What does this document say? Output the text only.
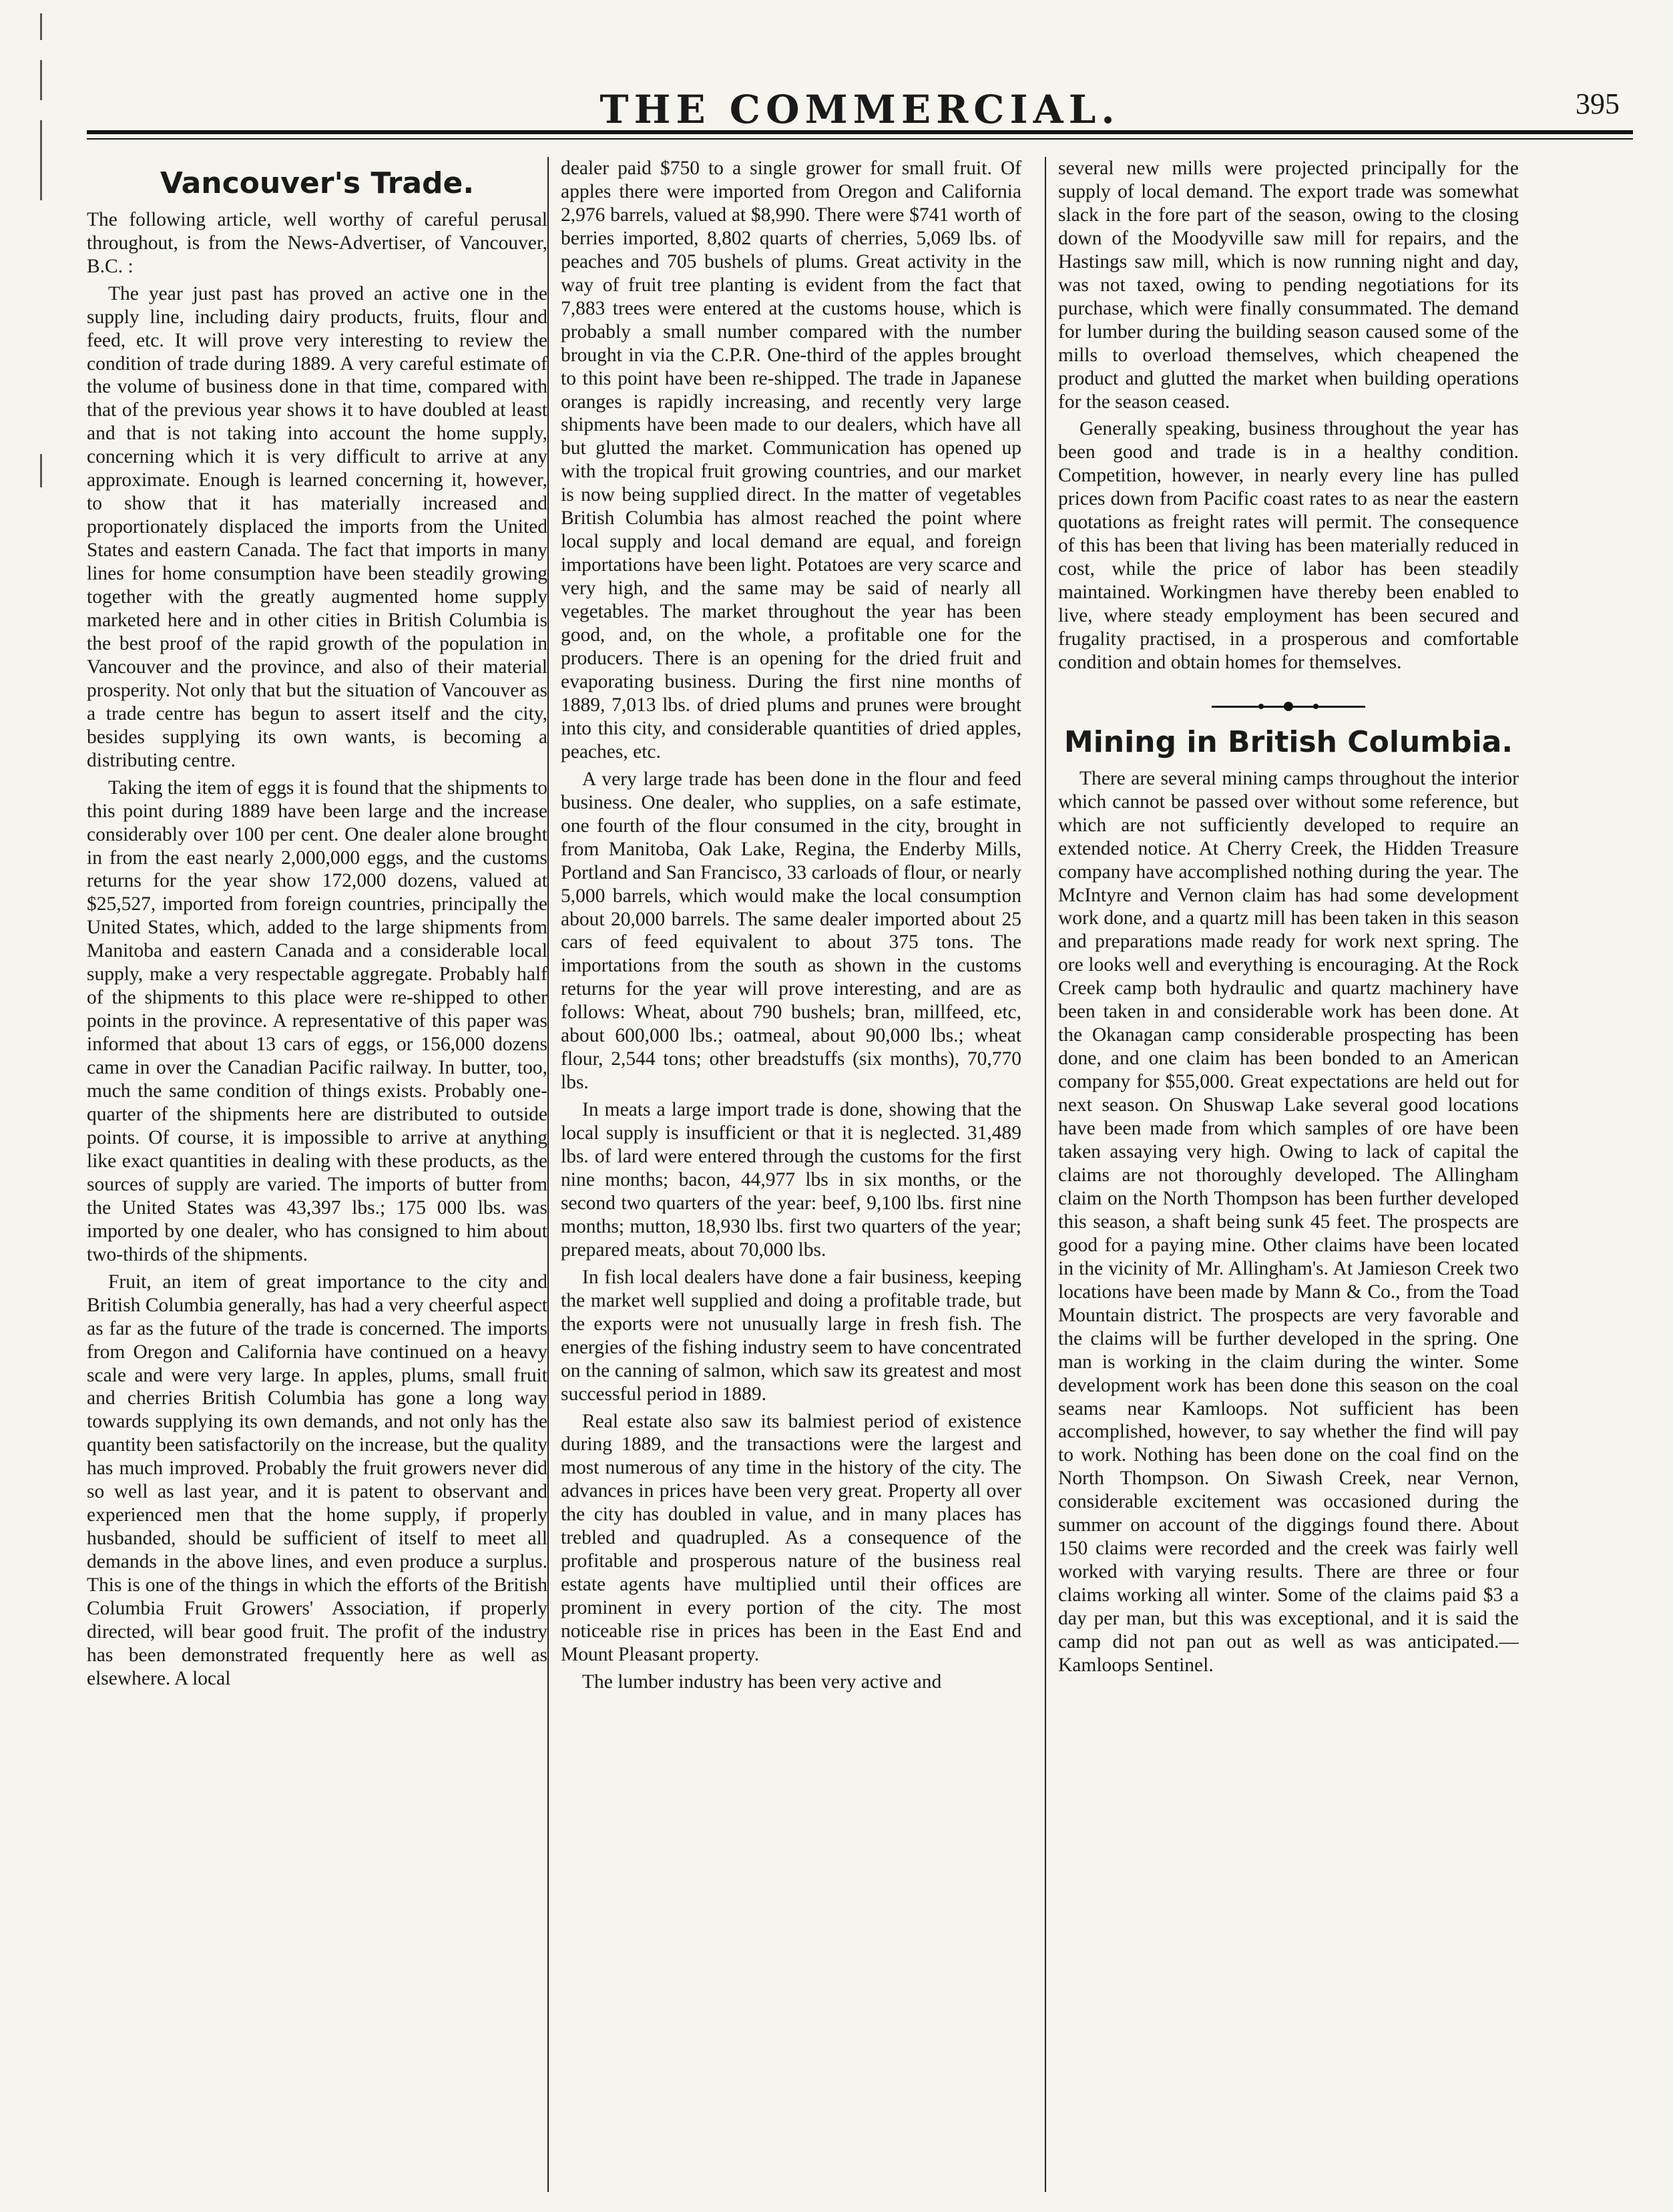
THE COMMERCIAL.	395
Vancouver's Trade.

The following article, well worthy of careful perusal throughout, is from the News-Advertiser, of Vancouver, B.C. :

The year just past has proved an active one in the supply line, including dairy products, fruits, flour and feed, etc. It will prove very interesting to review the condition of trade during 1889. A very careful estimate of the volume of business done in that time, compared with that of the previous year shows it to have doubled at least and that is not taking into account the home supply, concerning which it is very difficult to arrive at any approximate. Enough is learned concerning it, however, to show that it has materially increased and proportionately displaced the imports from the United States and eastern Canada. The fact that imports in many lines for home consumption have been steadily growing together with the greatly augmented home supply marketed here and in other cities in British Columbia is the best proof of the rapid growth of the population in Vancouver and the province, and also of their material prosperity. Not only that but the situation of Vancouver as a trade centre has begun to assert itself and the city, besides supplying its own wants, is becoming a distributing centre.

Taking the item of eggs it is found that the shipments to this point during 1889 have been large and the increase considerably over 100 per cent. One dealer alone brought in from the east nearly 2,000,000 eggs, and the customs returns for the year show 172,000 dozens, valued at $25,527, imported from foreign countries, principally the United States, which, added to the large shipments from Manitoba and eastern Canada and a considerable local supply, make a very respectable aggregate. Probably half of the shipments to this place were re-shipped to other points in the province. A representative of this paper was informed that about 13 cars of eggs, or 156,000 dozens came in over the Canadian Pacific railway. In butter, too, much the same condition of things exists. Probably one-quarter of the shipments here are distributed to outside points. Of course, it is impossible to arrive at anything like exact quantities in dealing with these products, as the sources of supply are varied. The imports of butter from the United States was 43,397 lbs.; 175 000 lbs. was imported by one dealer, who has consigned to him about two-thirds of the shipments.

Fruit, an item of great importance to the city and British Columbia generally, has had a very cheerful aspect as far as the future of the trade is concerned. The imports from Oregon and California have continued on a heavy scale and were very large. In apples, plums, small fruit and cherries British Columbia has gone a long way towards supplying its own demands, and not only has the quantity been satisfactorily on the increase, but the quality has much improved. Probably the fruit growers never did so well as last year, and it is patent to observant and experienced men that the home supply, if properly husbanded, should be sufficient of itself to meet all demands in the above lines, and even produce a surplus. This is one of the things in which the efforts of the British Columbia Fruit Growers' Association, if properly directed, will bear good fruit. The profit of the industry has been demonstrated frequently here as well as elsewhere. A local

dealer paid $750 to a single grower for small fruit. Of apples there were imported from Oregon and California 2,976 barrels, valued at $8,990. There were $741 worth of berries imported, 8,802 quarts of cherries, 5,069 lbs. of peaches and 705 bushels of plums. Great activity in the way of fruit tree planting is evident from the fact that 7,883 trees were entered at the customs house, which is probably a small number compared with the number brought in via the C.P.R. One-third of the apples brought to this point have been re-shipped. The trade in Japanese oranges is rapidly increasing, and recently very large shipments have been made to our dealers, which have all but glutted the market. Communication has opened up with the tropical fruit growing countries, and our market is now being supplied direct. In the matter of vegetables British Columbia has almost reached the point where local supply and local demand are equal, and foreign importations have been light. Potatoes are very scarce and very high, and the same may be said of nearly all vegetables. The market throughout the year has been good, and, on the whole, a profitable one for the producers. There is an opening for the dried fruit and evaporating business. During the first nine months of 1889, 7,013 lbs. of dried plums and prunes were brought into this city, and considerable quantities of dried apples, peaches, etc.

A very large trade has been done in the flour and feed business. One dealer, who supplies, on a safe estimate, one fourth of the flour consumed in the city, brought in from Manitoba, Oak Lake, Regina, the Enderby Mills, Portland and San Francisco, 33 carloads of flour, or nearly 5,000 barrels, which would make the local consumption about 20,000 barrels. The same dealer imported about 25 cars of feed equivalent to about 375 tons. The importations from the south as shown in the customs returns for the year will prove interesting, and are as follows: Wheat, about 790 bushels; bran, millfeed, etc, about 600,000 lbs.; oatmeal, about 90,000 lbs.; wheat flour, 2,544 tons; other breadstuffs (six months), 70,770 lbs.

In meats a large import trade is done, showing that the local supply is insufficient or that it is neglected. 31,489 lbs. of lard were entered through the customs for the first nine months; bacon, 44,977 lbs in six months, or the second two quarters of the year: beef, 9,100 lbs. first nine months; mutton, 18,930 lbs. first two quarters of the year; prepared meats, about 70,000 lbs.

In fish local dealers have done a fair business, keeping the market well supplied and doing a profitable trade, but the exports were not unusually large in fresh fish. The energies of the fishing industry seem to have concentrated on the canning of salmon, which saw its greatest and most successful period in 1889.

Real estate also saw its balmiest period of existence during 1889, and the transactions were the largest and most numerous of any time in the history of the city. The advances in prices have been very great. Property all over the city has doubled in value, and in many places has trebled and quadrupled. As a consequence of the profitable and prosperous nature of the business real estate agents have multiplied until their offices are prominent in every portion of the city. The most noticeable rise in prices has been in the East End and Mount Pleasant property.

The lumber industry has been very active and

several new mills were projected principally for the supply of local demand. The export trade was somewhat slack in the fore part of the season, owing to the closing down of the Moodyville saw mill for repairs, and the Hastings saw mill, which is now running night and day, was not taxed, owing to pending negotiations for its purchase, which were finally consummated. The demand for lumber during the building season caused some of the mills to overload themselves, which cheapened the product and glutted the market when building operations for the season ceased.

Generally speaking, business throughout the year has been good and trade is in a healthy condition. Competition, however, in nearly every line has pulled prices down from Pacific coast rates to as near the eastern quotations as freight rates will permit. The consequence of this has been that living has been materially reduced in cost, while the price of labor has been steadily maintained. Workingmen have thereby been enabled to live, where steady employment has been secured and frugality practised, in a prosperous and comfortable condition and obtain homes for themselves.

Mining in British Columbia.

There are several mining camps throughout the interior which cannot be passed over without some reference, but which are not sufficiently developed to require an extended notice. At Cherry Creek, the Hidden Treasure company have accomplished nothing during the year. The McIntyre and Vernon claim has had some development work done, and a quartz mill has been taken in this season and preparations made ready for work next spring. The ore looks well and everything is encouraging. At the Rock Creek camp both hydraulic and quartz machinery have been taken in and considerable work has been done. At the Okanagan camp considerable prospecting has been done, and one claim has been bonded to an American company for $55,000. Great expectations are held out for next season. On Shuswap Lake several good locations have been made from which samples of ore have been taken assaying very high. Owing to lack of capital the claims are not thoroughly developed. The Allingham claim on the North Thompson has been further developed this season, a shaft being sunk 45 feet. The prospects are good for a paying mine. Other claims have been located in the vicinity of Mr. Allingham's. At Jamieson Creek two locations have been made by Mann & Co., from the Toad Mountain district. The prospects are very favorable and the claims will be further developed in the spring. One man is working in the claim during the winter. Some development work has been done this season on the coal seams near Kamloops. Not sufficient has been accomplished, however, to say whether the find will pay to work. Nothing has been done on the coal find on the North Thompson. On Siwash Creek, near Vernon, considerable excitement was occasioned during the summer on account of the diggings found there. About 150 claims were recorded and the creek was fairly well worked with varying results. There are three or four claims working all winter. Some of the claims paid $3 a day per man, but this was exceptional, and it is said the camp did not pan out as well as was anticipated.—Kamloops Sentinel.
